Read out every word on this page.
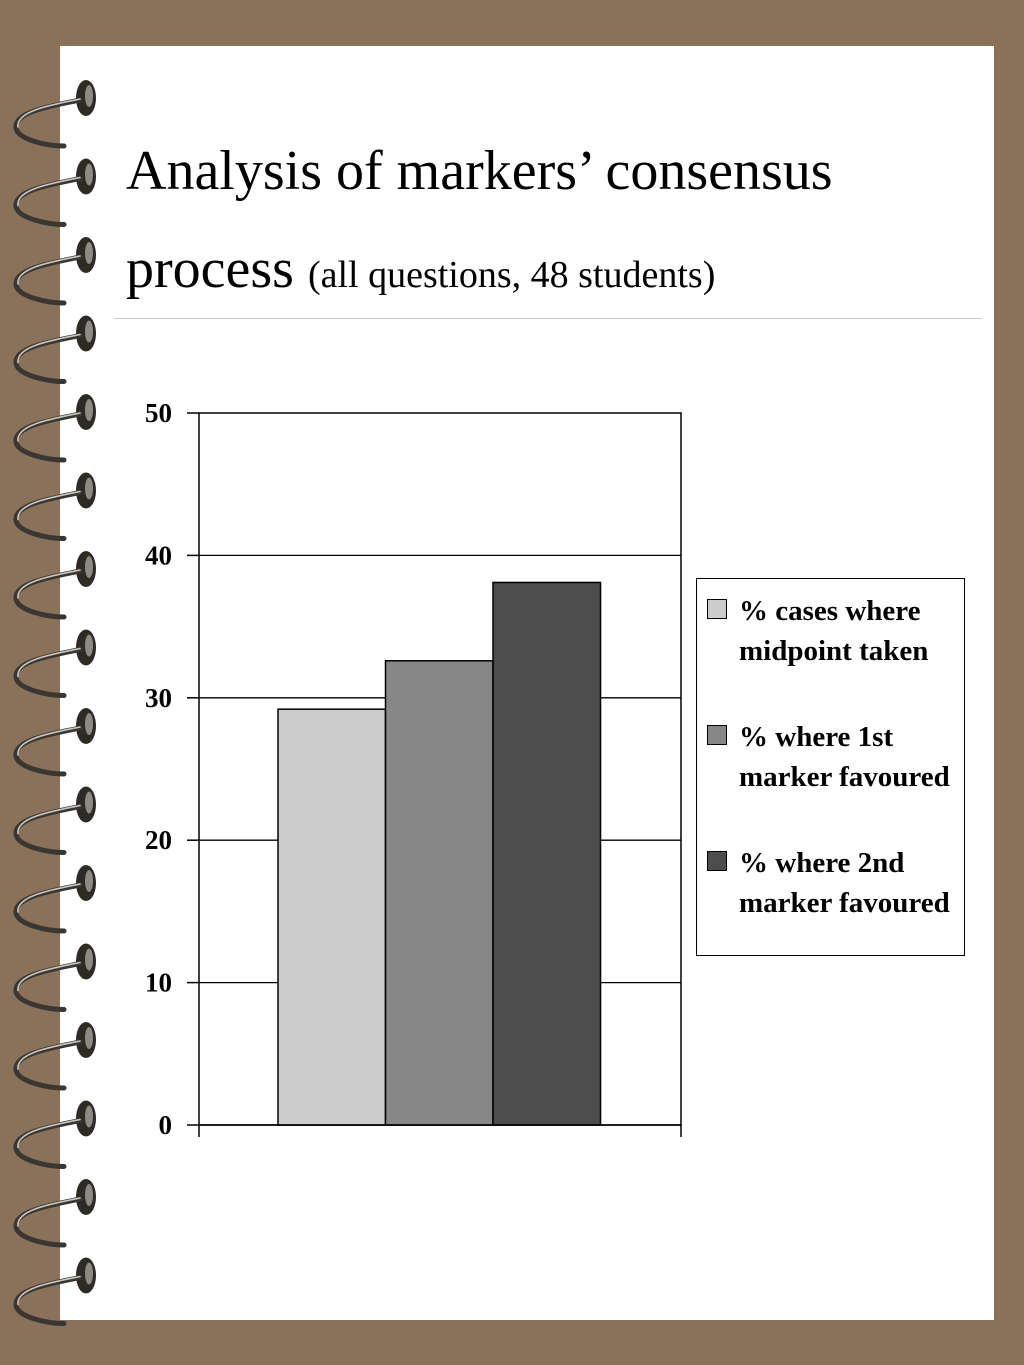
Analysis of markers’ consensus
process (all questions, 48 students)
0
10
20
30
40
50
% cases where midpoint taken
% where 1st marker favoured
% where 2nd marker favoured
